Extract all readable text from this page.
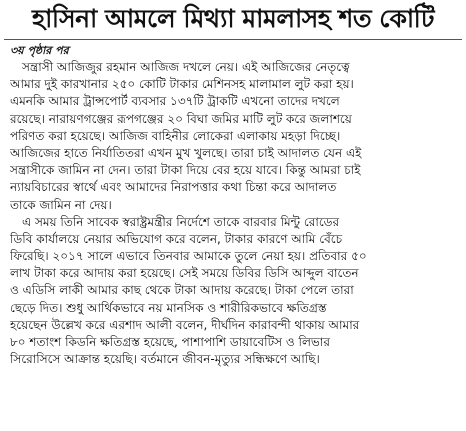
হাসিনা আমলে মিথ্যা মামলাসহ শত কোটি
৩য় পৃষ্ঠার পর
সন্ত্রাসী আজিজুর রহমান আজিজ দখলে নেয়। এই আজিজের নেতৃত্বে
আমার দুই কারখানার ২৫০ কোটি টাকার মেশিনসহ মালামাল লুট করা হয়।
এমনকি আমার ট্রান্সপোর্ট ব্যবসার ১৩৭টি ট্রাকটি এখনো তাদের দখলে
রয়েছে। নারায়ণগঞ্জের রূপগঞ্জের ২০ বিঘা জমির মাটি লুট করে জলাশয়ে
পরিণত করা হয়েছে। আজিজ বাহিনীর লোকেরা এলাকায় মহড়া দিচ্ছে।
আজিজের হাতে নির্যাতিতরা এখন মুখ খুলছে। তারা চাই আদালত যেন এই
সন্ত্রাসীকে জামিন না দেন। তারা টাকা দিয়ে বের হয়ে যাবে। কিন্তু আমরা চাই
ন্যায়বিচারের স্বার্থে এবং আমাদের নিরাপত্তার কথা চিন্তা করে আদালত
তাকে জামিন না দেয়।
এ সময় তিনি সাবেক স্বরাষ্ট্রমন্ত্রীর নির্দেশে তাকে বারবার মিন্টু রোডের
ডিবি কার্যালয়ে নেয়ার অভিযোগ করে বলেন, টাকার কারণে আমি বেঁচে
ফিরেছি। ২০১৭ সালে এভাবে তিনবার আমাকে তুলে নেয়া হয়। প্রতিবার ৫০
লাখ টাকা করে আদায় করা হয়েছে। সেই সময়ে ডিবির ডিসি আব্দুল বাতেন
ও এডিসি লাকী আমার কাছ থেকে টাকা আদায় করেছে। টাকা পেলে তারা
ছেড়ে দিত। শুধু আর্থিকভাবে নয় মানসিক ও শারীরিকভাবে ক্ষতিগ্রস্ত
হয়েছেন উল্লেখ করে এরশাদ আলী বলেন, দীর্ঘদিন কারাবন্দী থাকায় আমার
৮০ শতাংশ কিডনি ক্ষতিগ্রস্ত হয়েছে, পাশাপাশি ডায়াবেটিস ও লিভার
সিরোসিসে আক্রান্ত হয়েছি। বর্তমানে জীবন-মৃত্যুর সন্ধিক্ষণে আছি।
